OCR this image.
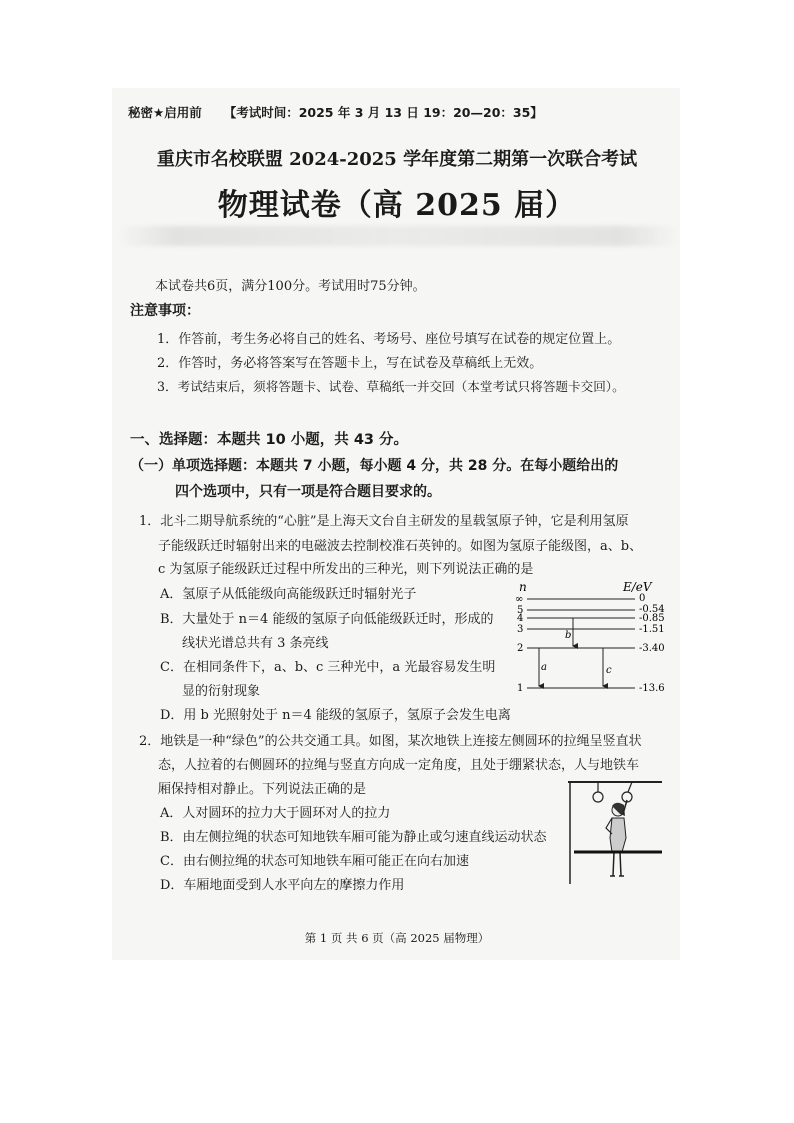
秘密★启用前 【考试时间：2025 年 3 月 13 日 19：20—20：35】
重庆市名校联盟 2024-2025 学年度第二期第一次联合考试
物理试卷（高 2025 届）
本试卷共6页，满分100分。考试用时75分钟。
注意事项：
1．作答前，考生务必将自己的姓名、考场号、座位号填写在试卷的规定位置上。
2．作答时，务必将答案写在答题卡上，写在试卷及草稿纸上无效。
3．考试结束后，须将答题卡、试卷、草稿纸一并交回（本堂考试只将答题卡交回）。
一、选择题：本题共 10 小题，共 43 分。
（一）单项选择题：本题共 7 小题，每小题 4 分，共 28 分。在每小题给出的
四个选项中，只有一项是符合题目要求的。
1．北斗二期导航系统的“心脏”是上海天文台自主研发的星载氢原子钟，它是利用氢原
子能级跃迁时辐射出来的电磁波去控制校准石英钟的。如图为氢原子能级图，a、b、
c 为氢原子能级跃迁过程中所发出的三种光，则下列说法正确的是
A．氢原子从低能级向高能级跃迁时辐射光子
B．大量处于 n＝4 能级的氢原子向低能级跃迁时，形成的
线状光谱总共有 3 条亮线
C．在相同条件下，a、b、c 三种光中，a 光最容易发生明
显的衍射现象
D．用 b 光照射处于 n＝4 能级的氢原子，氢原子会发生电离
n	E/eV
∞
5
4
3
2
1
0
-0.54
-0.85
-1.51
-3.40
-13.6
a
b
c
2．地铁是一种“绿色”的公共交通工具。如图，某次地铁上连接左侧圆环的拉绳呈竖直状
态，人拉着的右侧圆环的拉绳与竖直方向成一定角度，且处于绷紧状态，人与地铁车
厢保持相对静止。下列说法正确的是
A．人对圆环的拉力大于圆环对人的拉力
B．由左侧拉绳的状态可知地铁车厢可能为静止或匀速直线运动状态
C．由右侧拉绳的状态可知地铁车厢可能正在向右加速
D．车厢地面受到人水平向左的摩擦力作用
第 1 页 共 6 页（高 2025 届物理）
